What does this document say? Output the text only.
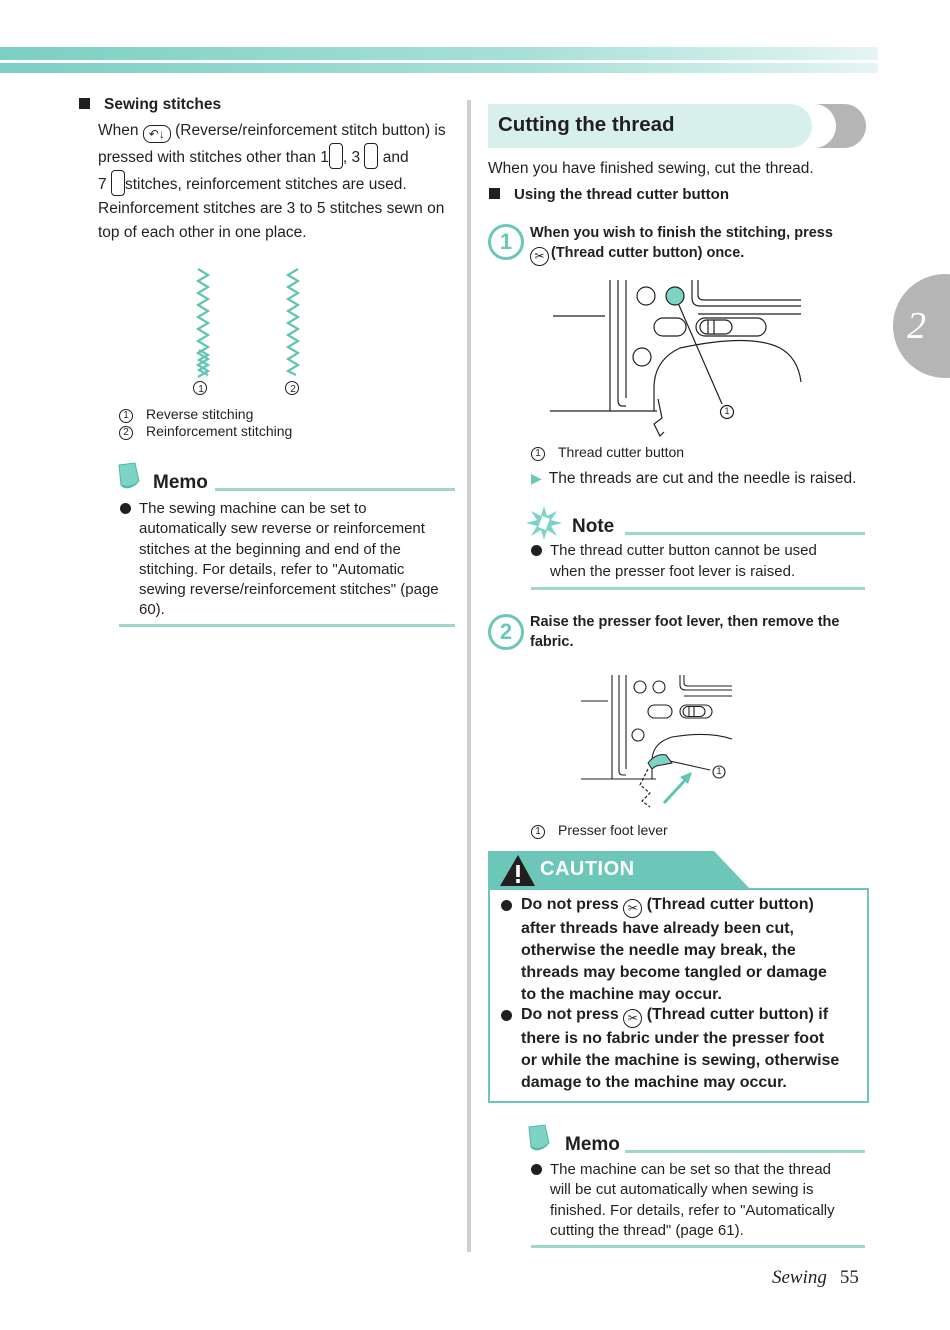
Sewing stitches
When ↶↓ (Reverse/reinforcement stitch button) is
pressed with stitches other than 1 , 3 and
7 stitches, reinforcement stitches are used.
Reinforcement stitches are 3 to 5 stitches sewn on
top of each other in one place.
1	2
1 Reverse stitching
2 Reinforcement stitching
Memo
The sewing machine can be set to
automatically sew reverse or reinforcement
stitches at the beginning and end of the
stitching. For details, refer to "Automatic
sewing reverse/reinforcement stitches" (page
60).
Cutting the thread
When you have finished sewing, cut the thread.
Using the thread cutter button
1	When you wish to finish the stitching, press
✂ (Thread cutter button) once.
1
1 Thread cutter button
▶ The threads are cut and the needle is raised.
Note
The thread cutter button cannot be used
when the presser foot lever is raised.
2	Raise the presser foot lever, then remove the
fabric.
1
1 Presser foot lever
CAUTION
Do not press ✂ (Thread cutter button)
after threads have already been cut,
otherwise the needle may break, the
threads may become tangled or damage
to the machine may occur.
Do not press ✂ (Thread cutter button) if
there is no fabric under the presser foot
or while the machine is sewing, otherwise
damage to the machine may occur.
Memo
The machine can be set so that the thread
will be cut automatically when sewing is
finished. For details, refer to "Automatically
cutting the thread" (page 61).
2
Sewing 55
